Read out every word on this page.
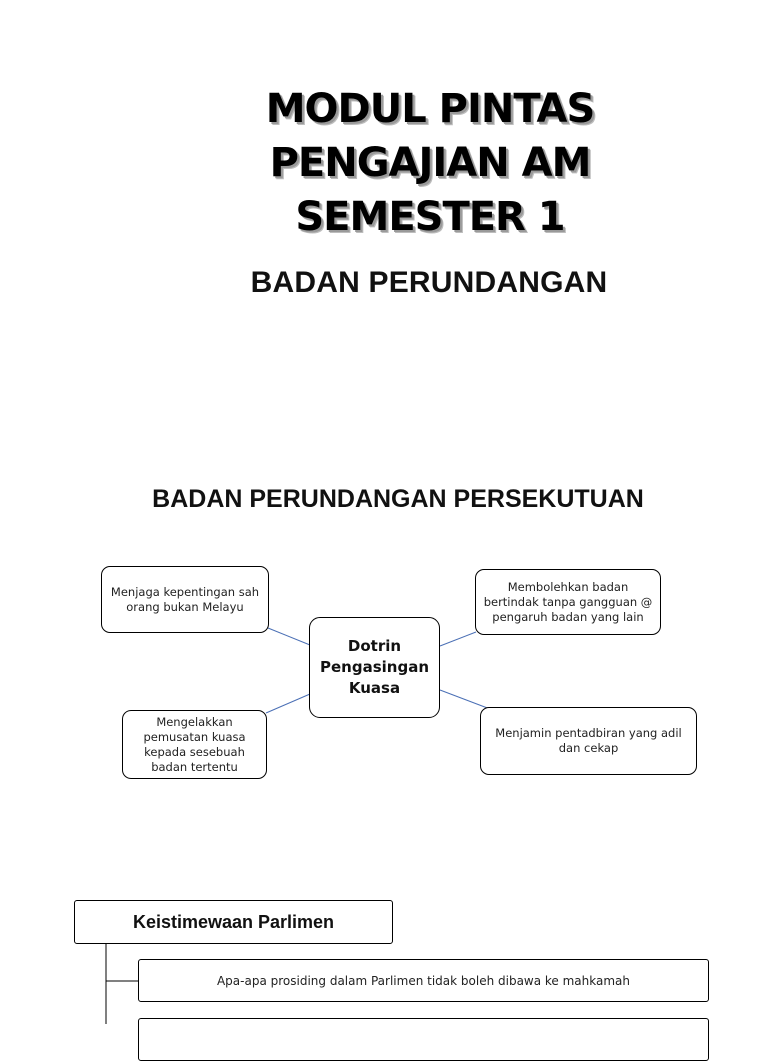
MODUL PINTAS
PENGAJIAN AM
SEMESTER 1
BADAN PERUNDANGAN
BADAN PERUNDANGAN PERSEKUTUAN
Dotrin
Pengasingan
Kuasa
Menjaga kepentingan sah
orang bukan Melayu
Membolehkan badan
bertindak tanpa gangguan @
pengaruh badan yang lain
Mengelakkan
pemusatan kuasa
kepada sesebuah
badan tertentu
Menjamin pentadbiran yang adil
dan cekap
Keistimewaan Parlimen
Apa-apa prosiding dalam Parlimen tidak boleh dibawa ke mahkamah
